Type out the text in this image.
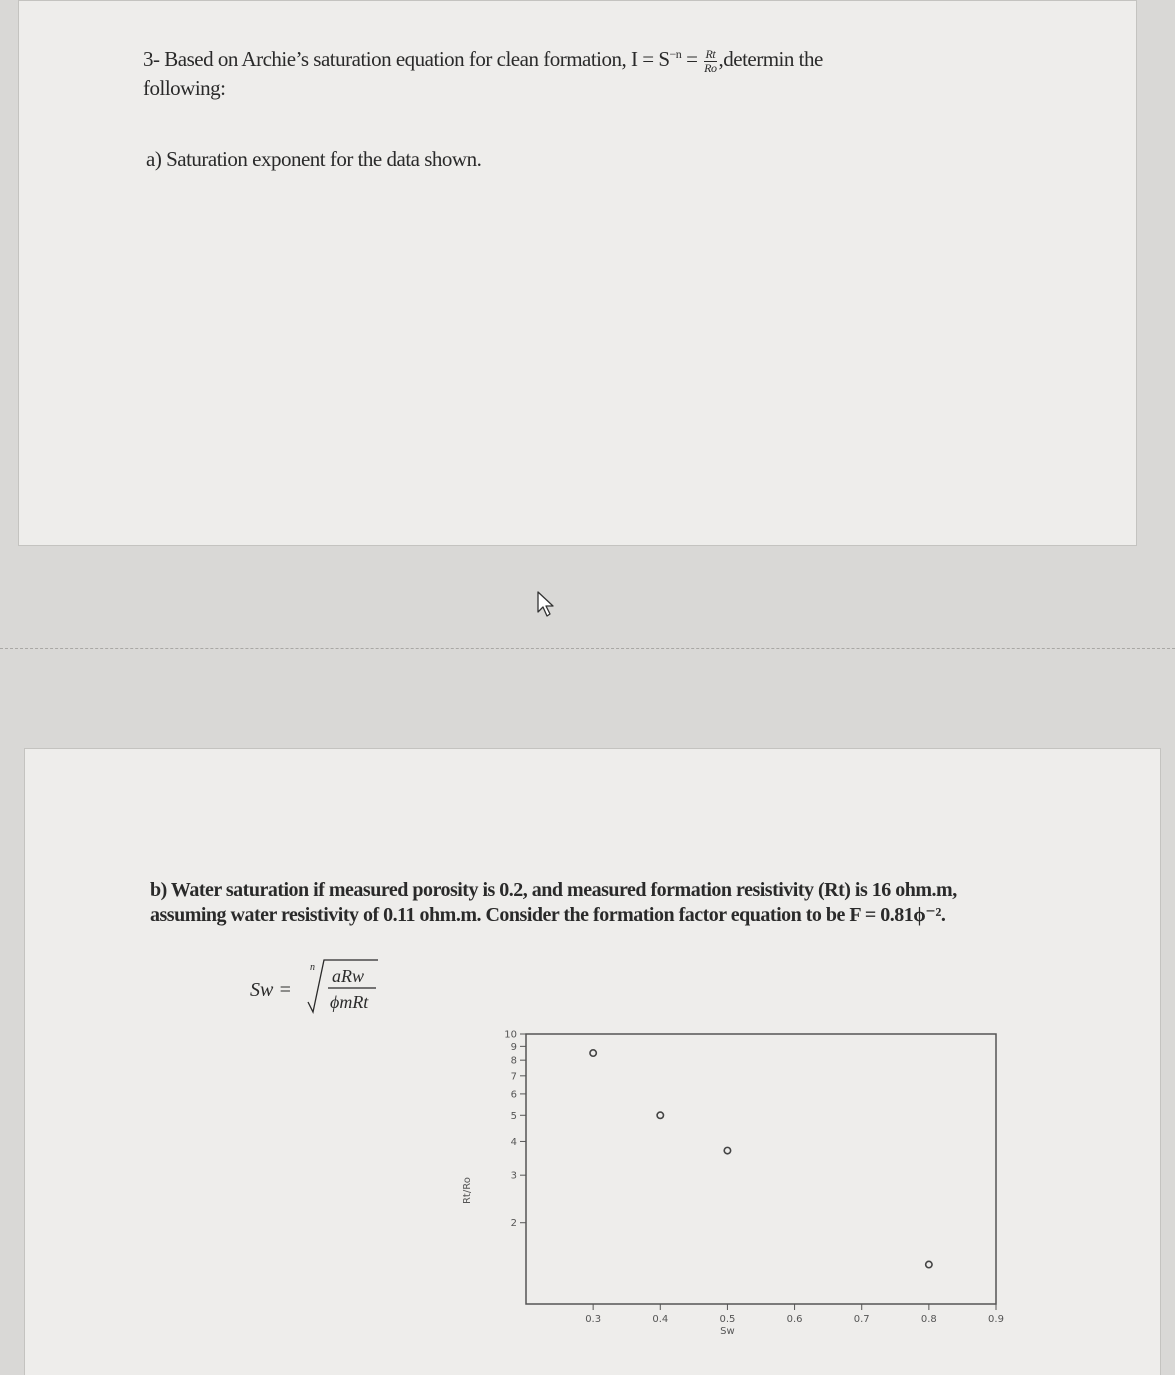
3- Based on Archie’s saturation equation for clean formation, $I = S^{-n} = \frac{Rt}{Ro}$ ,determin the
following:
a) Saturation exponent for the data shown.
b) Water saturation if measured porosity is 0.2, and measured formation resistivity (Rt) is 16 ohm.m, assuming water resistivity of 0.11 ohm.m. Consider the formation factor equation to be F = 0.81ϕ⁻².
Sw =
n aRw
ϕmRt
10
9
8
7
6
5
4
3
2
0.3	0.4	0.5	0.6	0.7	0.8	0.9
Rt/Ro
Sw
